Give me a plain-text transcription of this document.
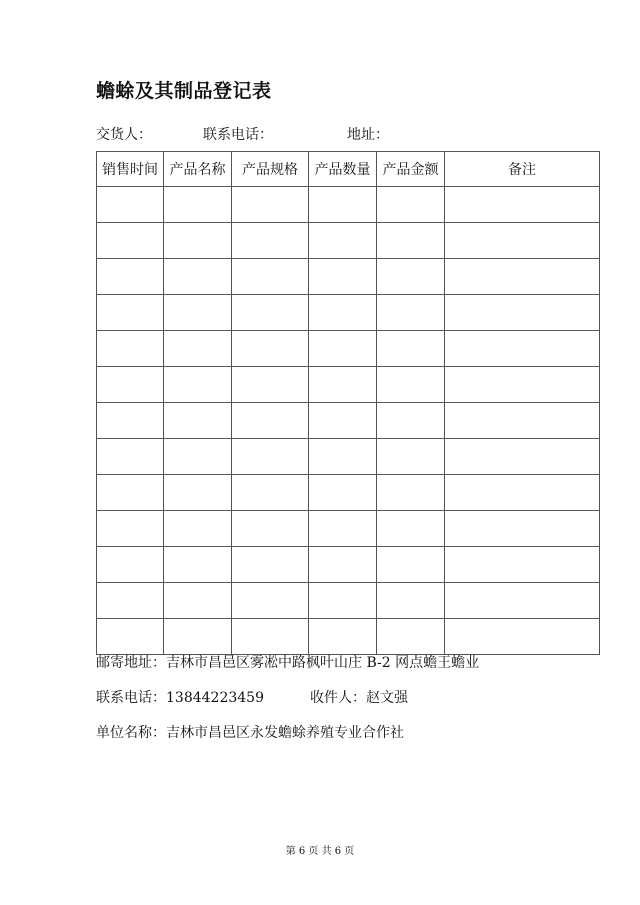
蟾蜍及其制品登记表
交货人：	联系电话：	地址：
销售时间	产品名称	产品规格	产品数量	产品金额	备注

邮寄地址：吉林市昌邑区雾凇中路枫叶山庄 B-2 网点蟾王蟾业
联系电话：13844223459	收件人：赵文强
单位名称：吉林市昌邑区永发蟾蜍养殖专业合作社
第 6 页 共 6 页
